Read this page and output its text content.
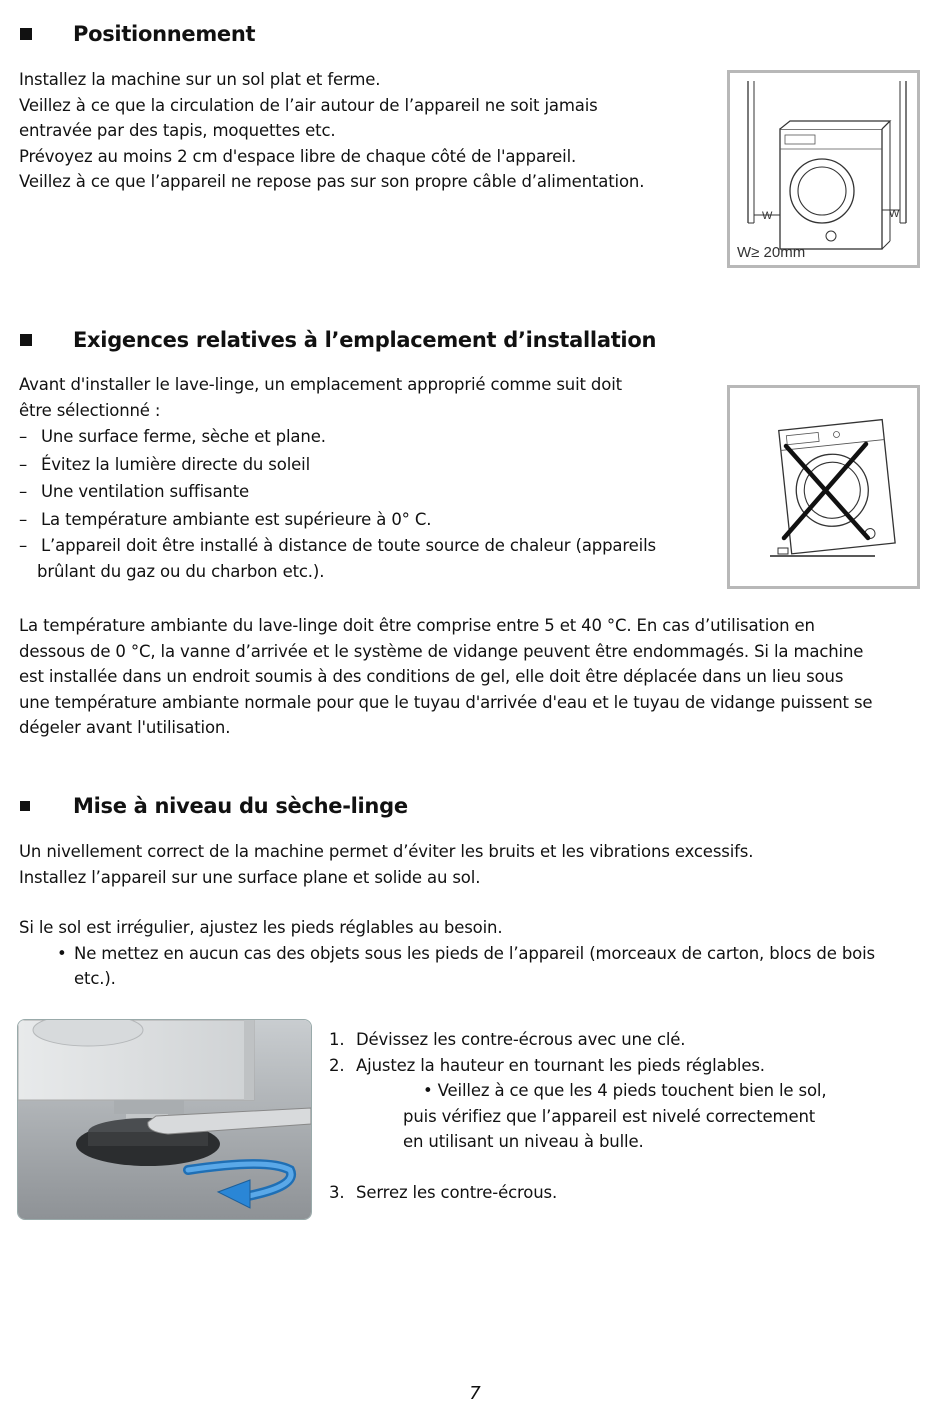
Positionnement
Installez la machine sur un sol plat et ferme.
Veillez à ce que la circulation de l’air autour de l’appareil ne soit jamais
entravée par des tapis, moquettes etc.
Prévoyez au moins 2 cm d'espace libre de chaque côté de l'appareil.
Veillez à ce que l’appareil ne repose pas sur son propre câble d’alimentation.
W	W
W≥ 20mm
Exigences relatives à l’emplacement d’installation
Avant d'installer le lave-linge, un emplacement approprié comme suit doit
être sélectionné :
– Une surface ferme, sèche et plane.
– Évitez la lumière directe du soleil
– Une ventilation suffisante
– La température ambiante est supérieure à 0° C.
– L’appareil doit être installé à distance de toute source de chaleur (appareils
brûlant du gaz ou du charbon etc.).
La température ambiante du lave-linge doit être comprise entre 5 et 40 °C. En cas d’utilisation en
dessous de 0 °C, la vanne d’arrivée et le système de vidange peuvent être endommagés. Si la machine
est installée dans un endroit soumis à des conditions de gel, elle doit être déplacée dans un lieu sous
une température ambiante normale pour que le tuyau d'arrivée d'eau et le tuyau de vidange puissent se
dégeler avant l'utilisation.
Mise à niveau du sèche-linge
Un nivellement correct de la machine permet d’éviter les bruits et les vibrations excessifs.
Installez l’appareil sur une surface plane et solide au sol.
Si le sol est irrégulier, ajustez les pieds réglables au besoin.
• Ne mettez en aucun cas des objets sous les pieds de l’appareil (morceaux de carton, blocs de bois
etc.).
1. Dévissez les contre-écrous avec une clé.
2. Ajustez la hauteur en tournant les pieds réglables.
• Veillez à ce que les 4 pieds touchent bien le sol,
puis vérifiez que l’appareil est nivelé correctement
en utilisant un niveau à bulle.
3. Serrez les contre-écrous.
7
